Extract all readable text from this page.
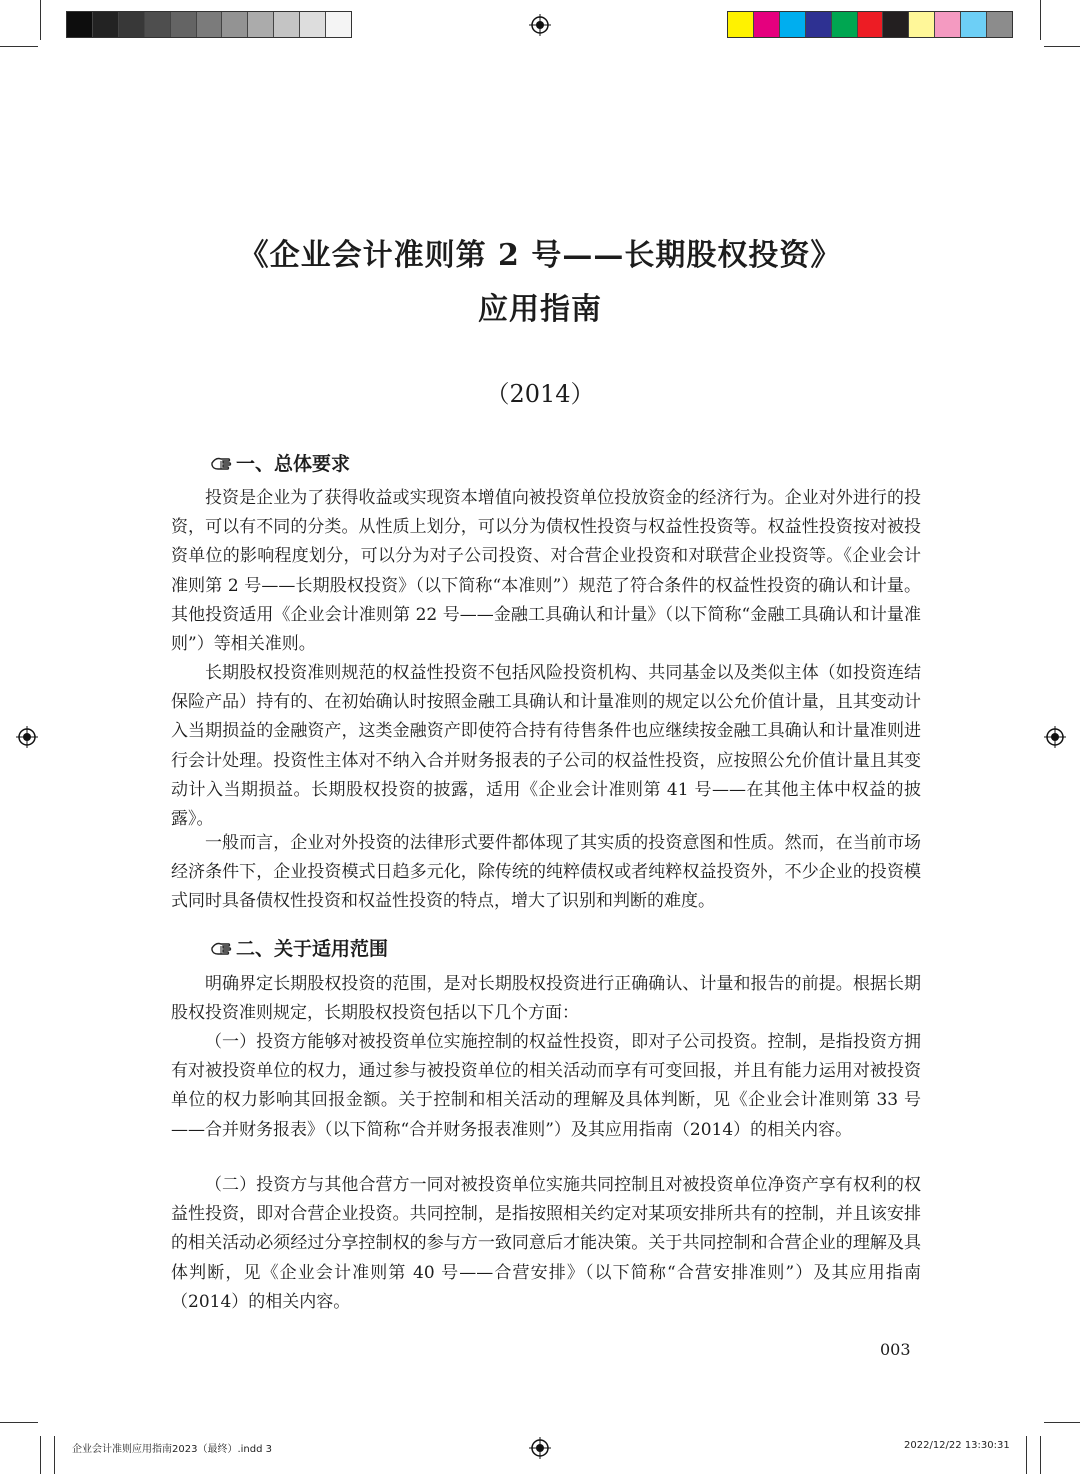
《企业会计准则第 2 号——长期股权投资》
应用指南
（2014）
一、总体要求

投资是企业为了获得收益或实现资本增值向被投资单位投放资金的经济行为。企业对外进行的投资，可以有不同的分类。从性质上划分，可以分为债权性投资与权益性投资等。权益性投资按对被投资单位的影响程度划分，可以分为对子公司投资、对合营企业投资和对联营企业投资等。《企业会计准则第 2 号——长期股权投资》（以下简称“本准则”）规范了符合条件的权益性投资的确认和计量。其他投资适用《企业会计准则第 22 号——金融工具确认和计量》（以下简称“金融工具确认和计量准则”）等相关准则。

长期股权投资准则规范的权益性投资不包括风险投资机构、共同基金以及类似主体（如投资连结保险产品）持有的、在初始确认时按照金融工具确认和计量准则的规定以公允价值计量，且其变动计入当期损益的金融资产，这类金融资产即使符合持有待售条件也应继续按金融工具确认和计量准则进行会计处理。投资性主体对不纳入合并财务报表的子公司的权益性投资，应按照公允价值计量且其变动计入当期损益。长期股权投资的披露，适用《企业会计准则第 41 号——在其他主体中权益的披露》。

一般而言，企业对外投资的法律形式要件都体现了其实质的投资意图和性质。然而，在当前市场经济条件下，企业投资模式日趋多元化，除传统的纯粹债权或者纯粹权益投资外，不少企业的投资模式同时具备债权性投资和权益性投资的特点，增大了识别和判断的难度。

二、关于适用范围

明确界定长期股权投资的范围，是对长期股权投资进行正确确认、计量和报告的前提。根据长期股权投资准则规定，长期股权投资包括以下几个方面：

（一）投资方能够对被投资单位实施控制的权益性投资，即对子公司投资。控制，是指投资方拥有对被投资单位的权力，通过参与被投资单位的相关活动而享有可变回报，并且有能力运用对被投资单位的权力影响其回报金额。关于控制和相关活动的理解及具体判断，见《企业会计准则第 33 号——合并财务报表》（以下简称“合并财务报表准则”）及其应用指南（2014）的相关内容。

（二）投资方与其他合营方一同对被投资单位实施共同控制且对被投资单位净资产享有权利的权益性投资，即对合营企业投资。共同控制，是指按照相关约定对某项安排所共有的控制，并且该安排的相关活动必须经过分享控制权的参与方一致同意后才能决策。关于共同控制和合营企业的理解及具体判断，见《企业会计准则第 40 号——合营安排》（以下简称“合营安排准则”）及其应用指南（2014）的相关内容。

003
企业会计准则应用指南2023（最终）.indd 3	2022/12/22 13:30:31
